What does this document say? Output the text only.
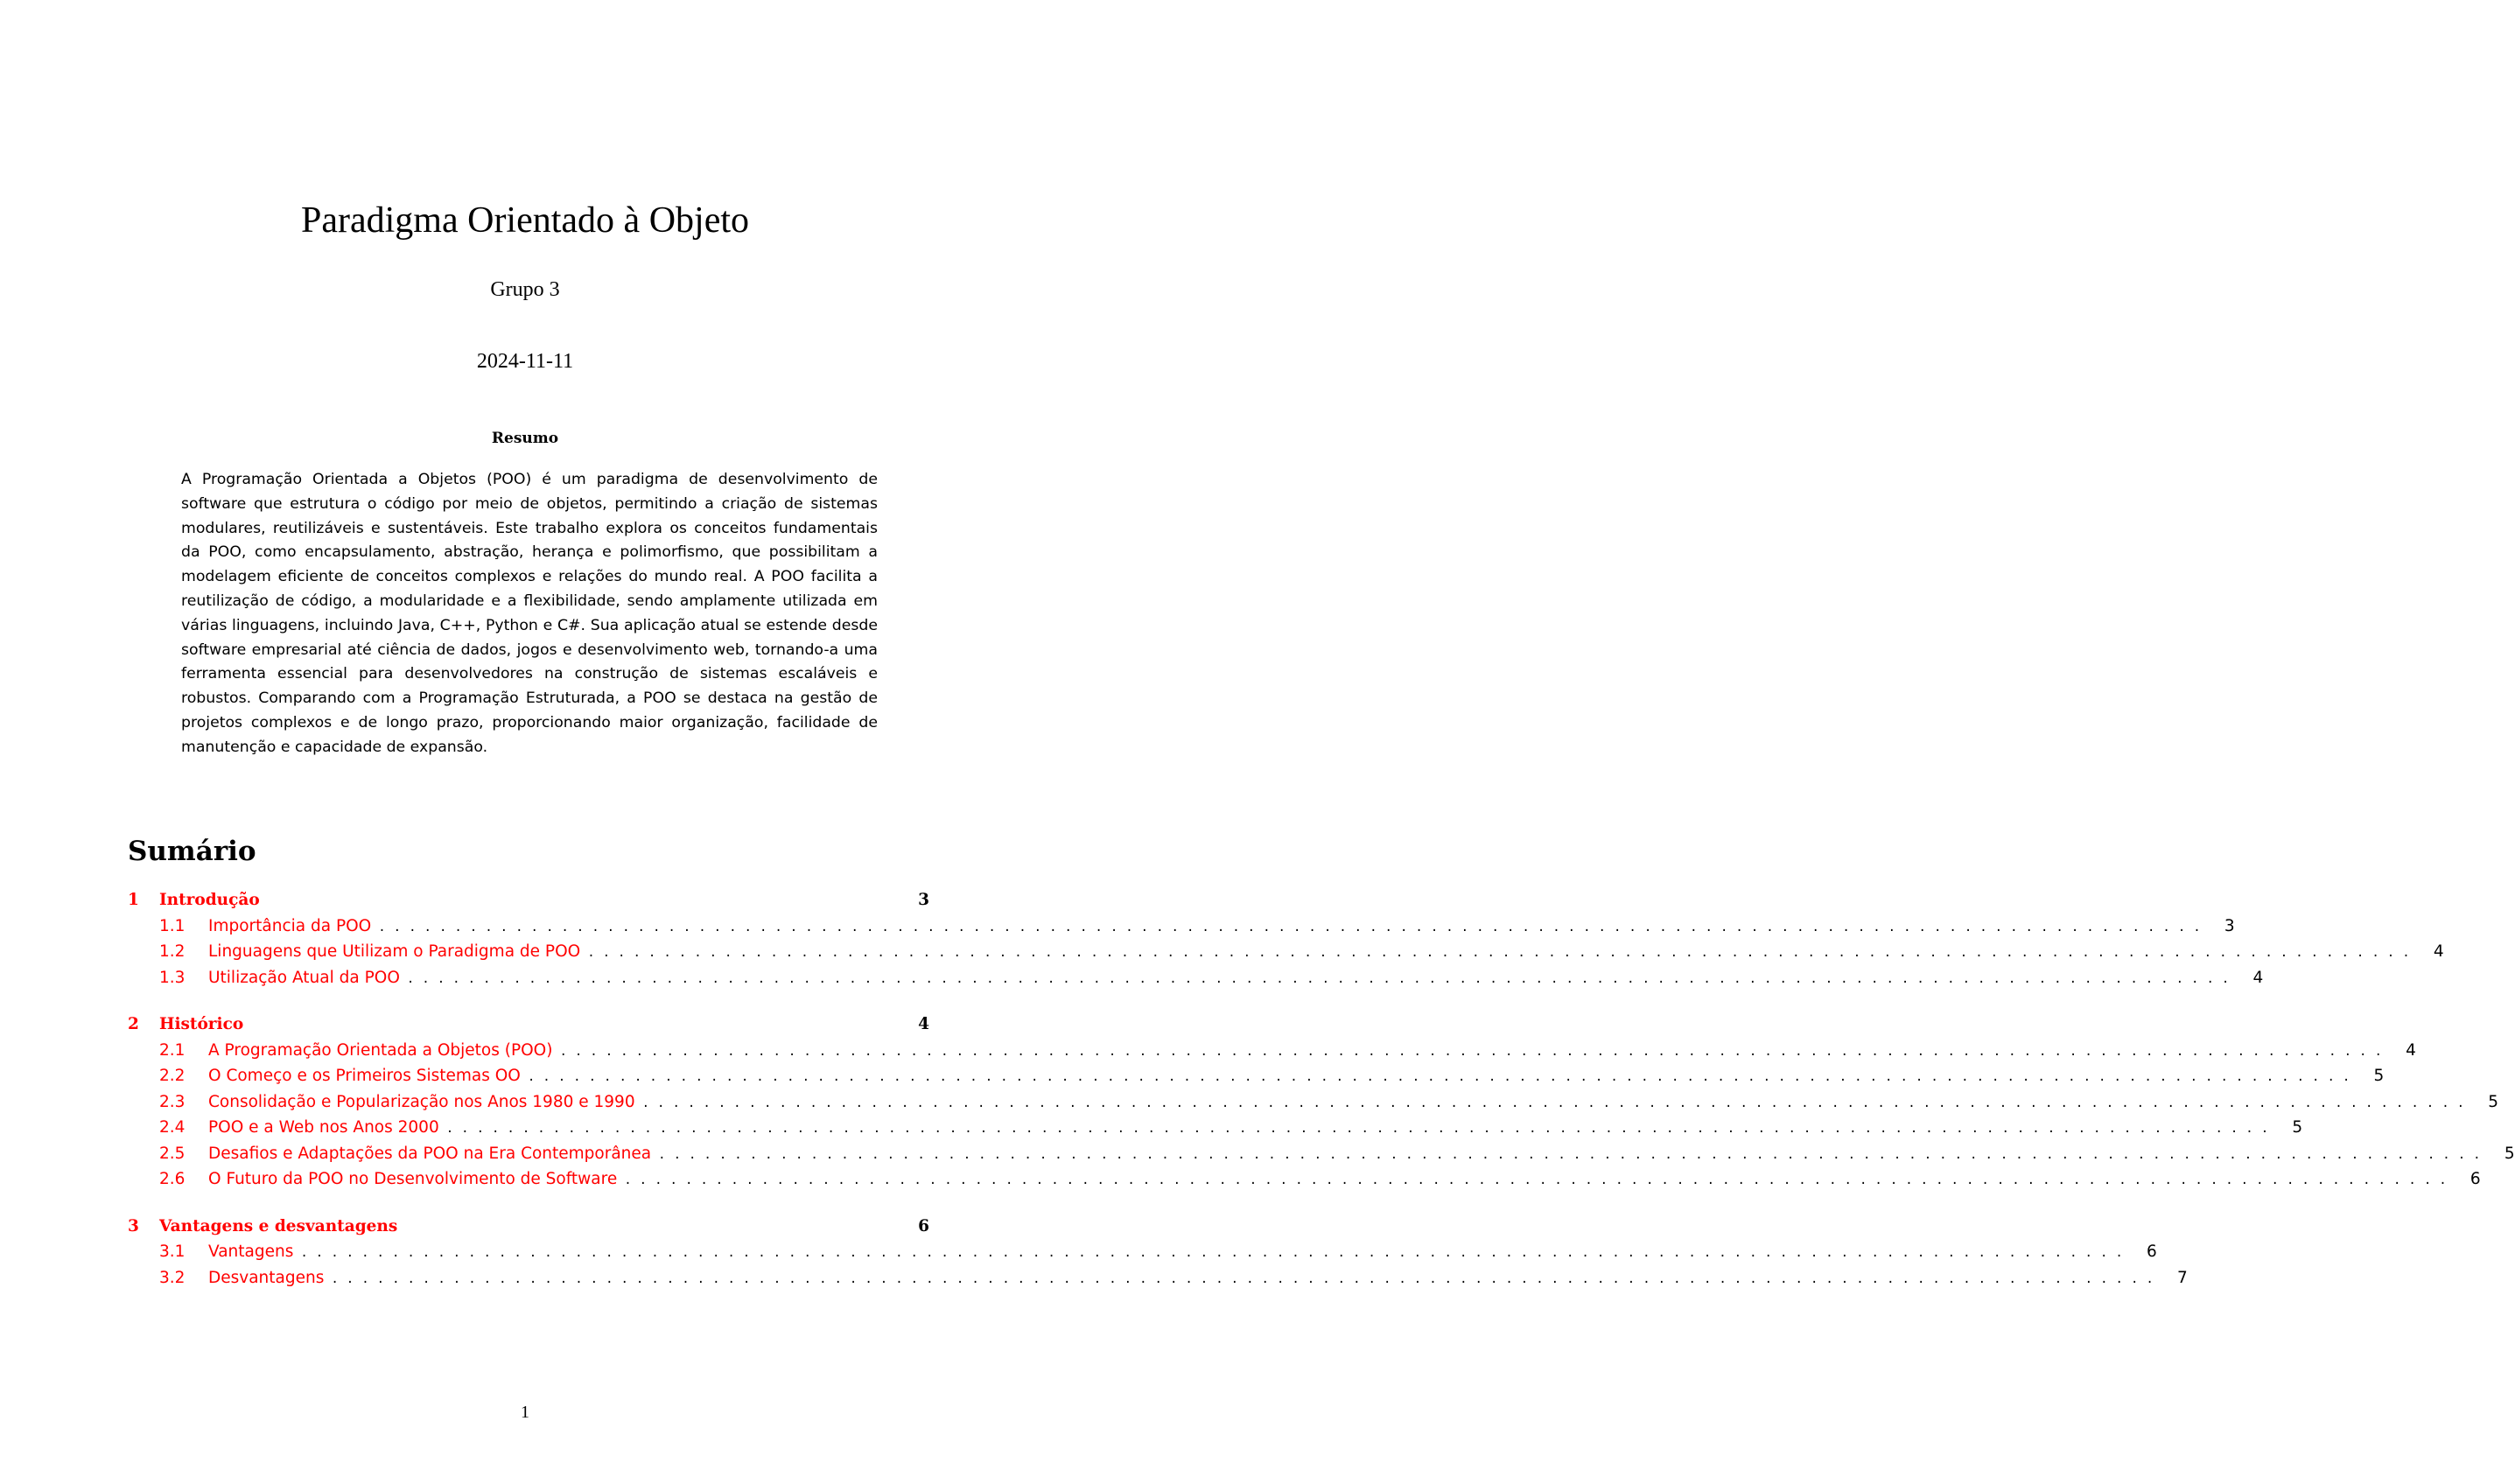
Paradigma Orientado à Objeto
Grupo 3
2024-11-11
Resumo

A Programação Orientada a Objetos (POO) é um paradigma de desenvolvimento de software que estrutura o código por meio de objetos, permitindo a criação de sistemas modulares, reutilizáveis e sustentáveis. Este trabalho explora os conceitos fundamentais da POO, como encapsulamento, abstração, herança e polimorfismo, que possibilitam a modelagem eficiente de conceitos complexos e relações do mundo real. A POO facilita a reutilização de código, a modularidade e a flexibilidade, sendo amplamente utilizada em várias linguagens, incluindo Java, C++, Python e C#. Sua aplicação atual se estende desde software empresarial até ciência de dados, jogos e desenvolvimento web, tornando-a uma ferramenta essencial para desenvolvedores na construção de sistemas escaláveis e robustos. Comparando com a Programação Estruturada, a POO se destaca na gestão de projetos complexos e de longo prazo, proporcionando maior organização, facilidade de manutenção e capacidade de expansão.

Sumário
1	Introdução	3
1.1	Importância da POO ........................................................................................................................ 3
1.2	Linguagens que Utilizam o Paradigma de POO ........................................................................................................................ 4
1.3	Utilização Atual da POO ........................................................................................................................ 4
2	Histórico	4
2.1	A Programação Orientada a Objetos (POO) ........................................................................................................................ 4
2.2	O Começo e os Primeiros Sistemas OO ........................................................................................................................ 5
2.3	Consolidação e Popularização nos Anos 1980 e 1990 ........................................................................................................................ 5
2.4	POO e a Web nos Anos 2000 ........................................................................................................................ 5
2.5	Desafios e Adaptações da POO na Era Contemporânea ........................................................................................................................ 5
2.6	O Futuro da POO no Desenvolvimento de Software ........................................................................................................................ 6
3	Vantagens e desvantagens	6
3.1	Vantagens ........................................................................................................................ 6
3.2	Desvantagens ........................................................................................................................ 7
1
